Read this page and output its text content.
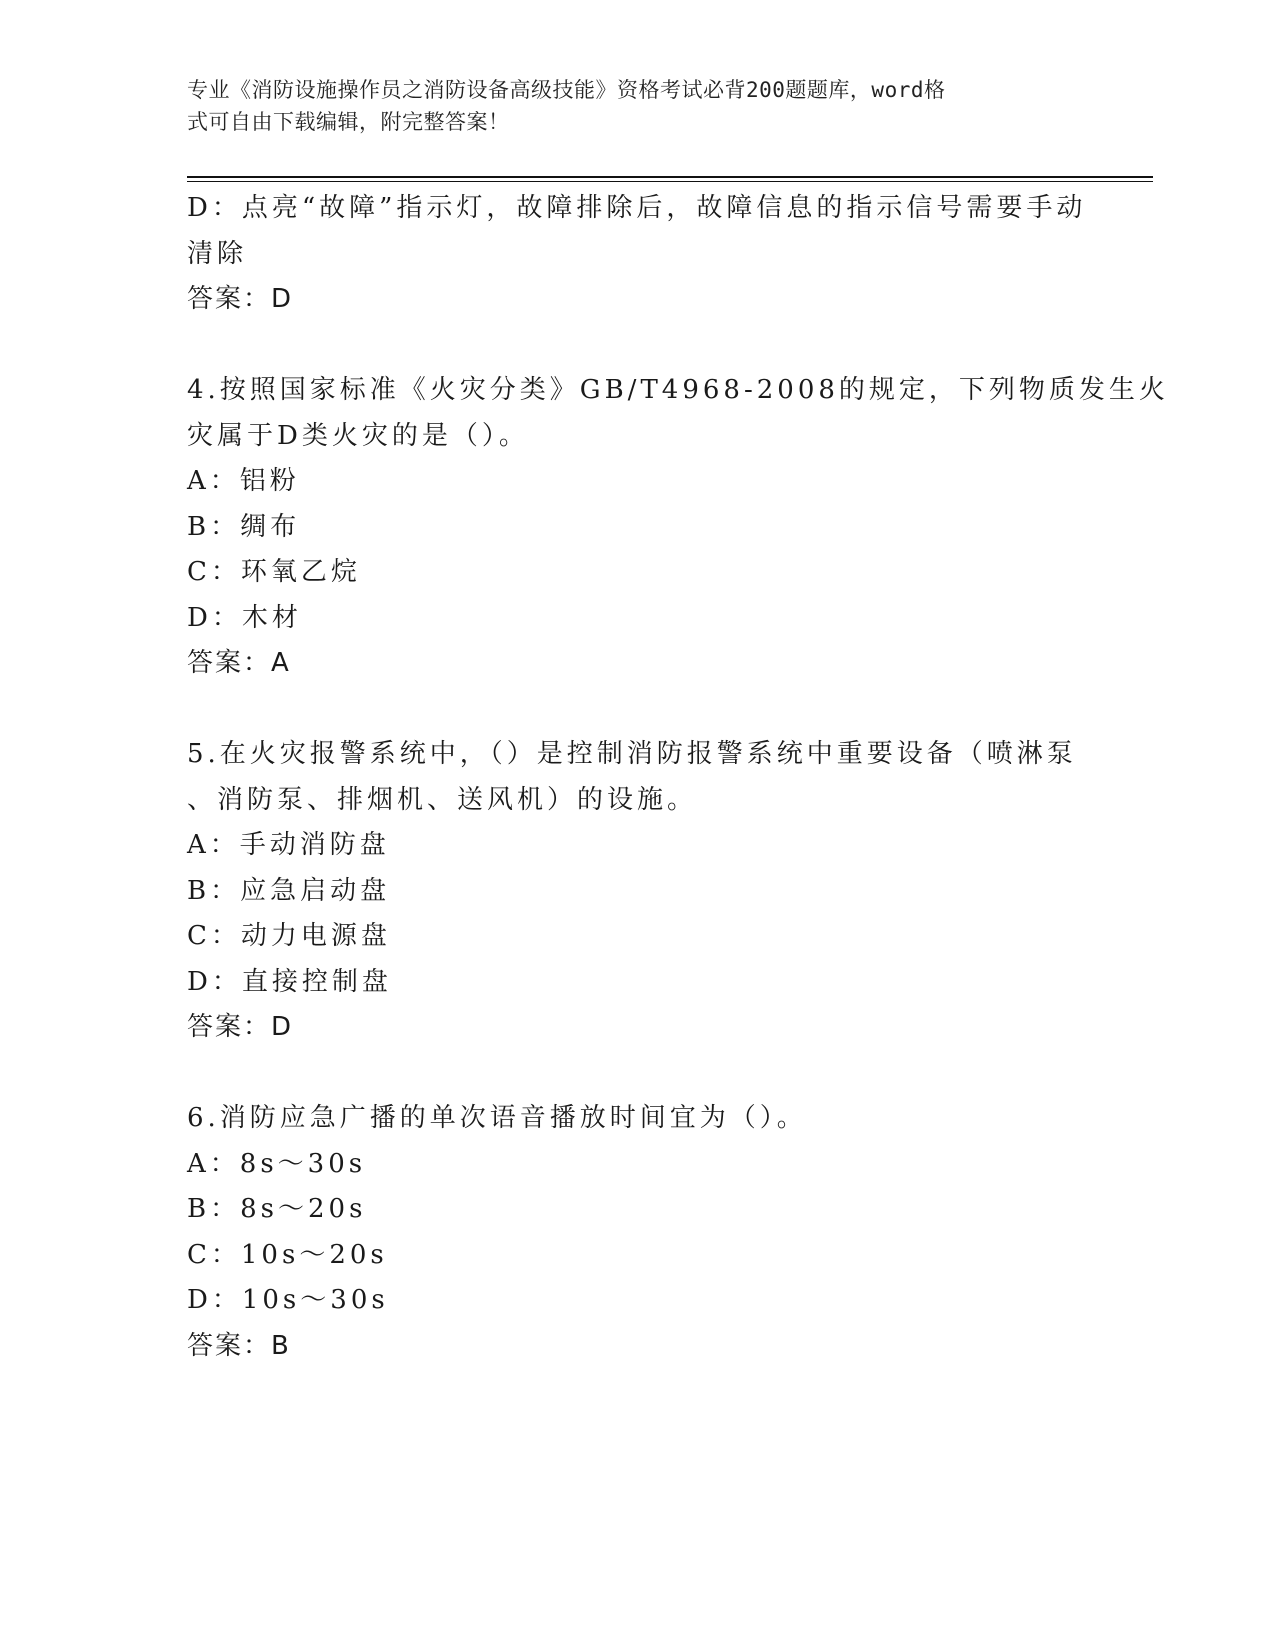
专业《消防设施操作员之消防设备高级技能》资格考试必背200题题库，word格
式可自由下载编辑，附完整答案！
D：点亮“故障”指示灯，故障排除后，故障信息的指示信号需要手动
清除
答案：D
4.按照国家标准《火灾分类》GB/T4968-2008的规定，下列物质发生火
灾属于D类火灾的是（）。
A：铝粉
B：绸布
C：环氧乙烷
D：木材
答案：A
5.在火灾报警系统中，（）是控制消防报警系统中重要设备（喷淋泵
、消防泵、排烟机、送风机）的设施。
A：手动消防盘
B：应急启动盘
C：动力电源盘
D：直接控制盘
答案：D
6.消防应急广播的单次语音播放时间宜为（）。
A：8s～30s
B：8s～20s
C：10s～20s
D：10s～30s
答案：B
